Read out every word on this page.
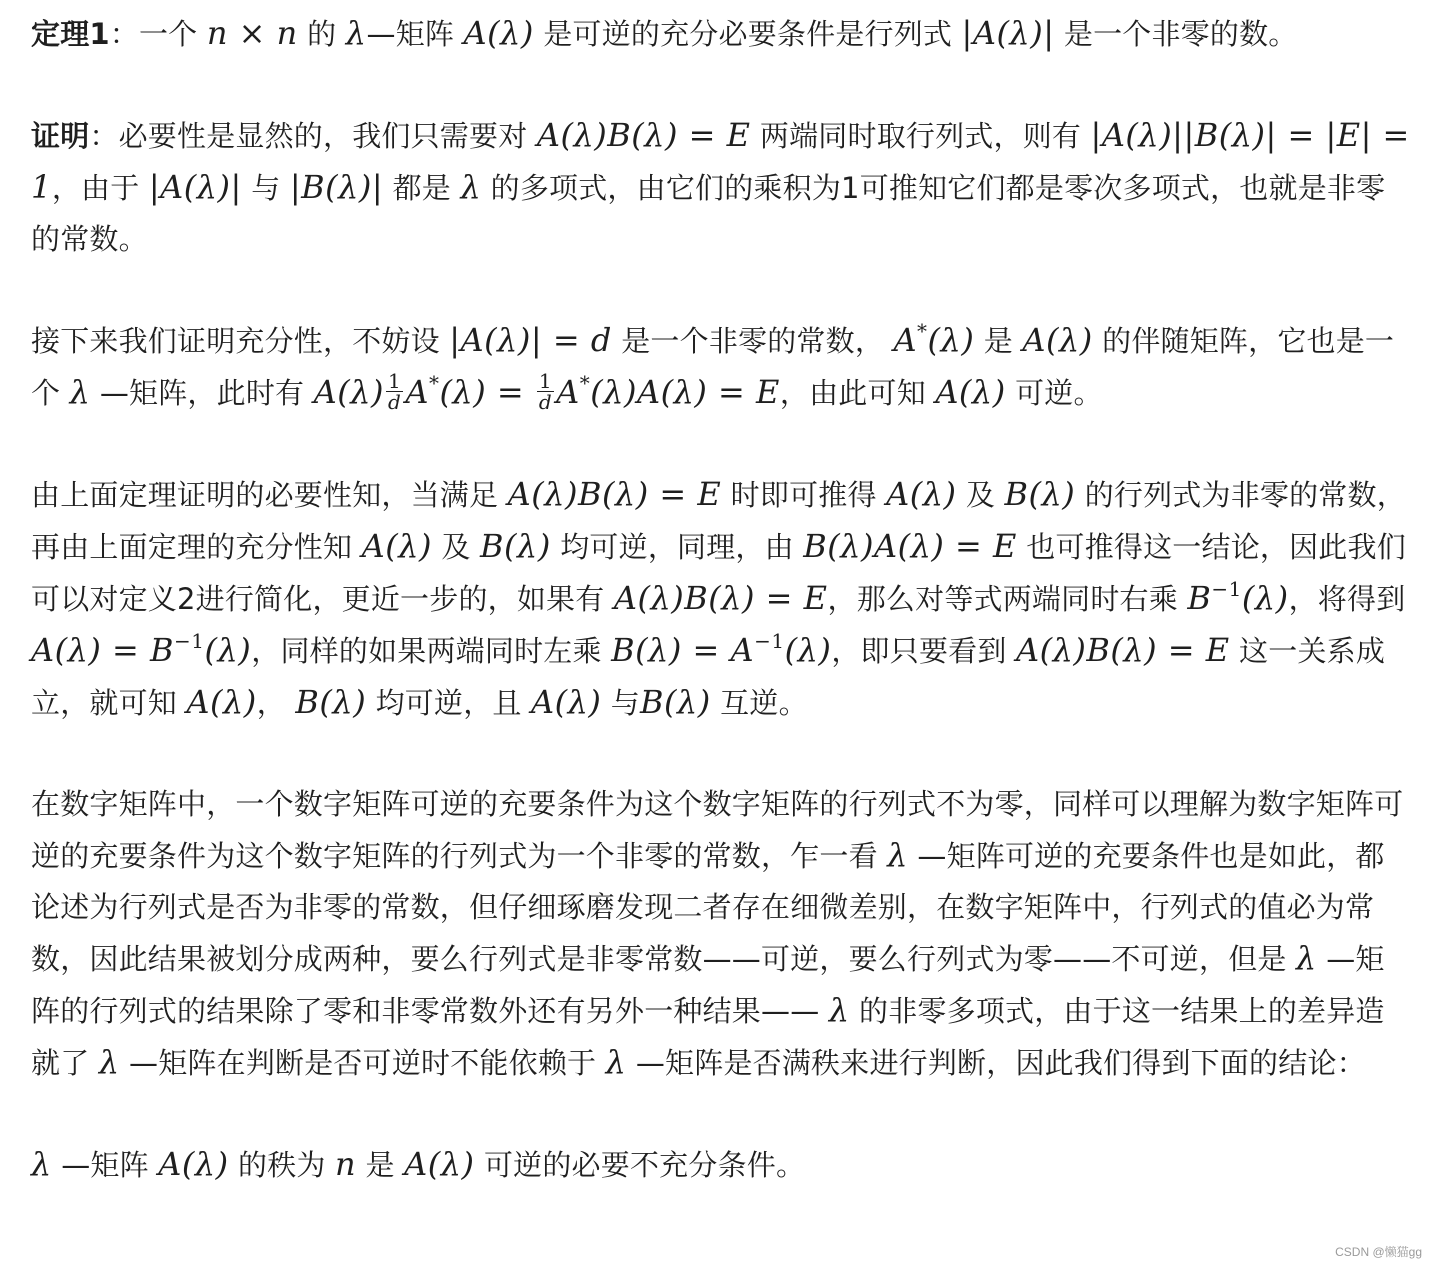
定理1：一个 n × n 的 λ—矩阵 A(λ) 是可逆的充分必要条件是行列式 |A(λ)| 是一个非零的数。

证明：必要性是显然的，我们只需要对 A(λ)B(λ) = E 两端同时取行列式，则有 |A(λ)||B(λ)| = |E| = 1，由于 |A(λ)| 与 |B(λ)| 都是 λ 的多项式，由它们的乘积为1可推知它们都是零次多项式，也就是非零的常数。

接下来我们证明充分性，不妨设 |A(λ)| = d 是一个非零的常数， A*(λ) 是 A(λ) 的伴随矩阵，它也是一个 λ —矩阵，此时有 $A(\lambda) \frac{1}{d} A^*(\lambda) = \frac{1}{d} A^*(\lambda)A(\lambda) = E$，由此可知 A(λ) 可逆。

由上面定理证明的必要性知，当满足 A(λ)B(λ) = E 时即可推得 A(λ) 及 B(λ) 的行列式为非零的常数，再由上面定理的充分性知 A(λ) 及 B(λ) 均可逆，同理，由 B(λ)A(λ) = E 也可推得这一结论，因此我们可以对定义2进行简化，更近一步的，如果有 A(λ)B(λ) = E，那么对等式两端同时右乘 $B^{-1}(\lambda)$，将得到 $A(\lambda) = B^{-1}(\lambda)$，同样的如果两端同时左乘 $B(\lambda) = A^{-1}(\lambda)$，即只要看到 A(λ)B(λ) = E 这一关系成立，就可知 A(λ)， B(λ) 均可逆，且 A(λ) 与B(λ) 互逆。

在数字矩阵中，一个数字矩阵可逆的充要条件为这个数字矩阵的行列式不为零，同样可以理解为数字矩阵可逆的充要条件为这个数字矩阵的行列式为一个非零的常数，乍一看 λ —矩阵可逆的充要条件也是如此，都论述为行列式是否为非零的常数，但仔细琢磨发现二者存在细微差别，在数字矩阵中，行列式的值必为常数，因此结果被划分成两种，要么行列式是非零常数——可逆，要么行列式为零——不可逆，但是 λ —矩阵的行列式的结果除了零和非零常数外还有另外一种结果—— λ 的非零多项式，由于这一结果上的差异造就了 λ —矩阵在判断是否可逆时不能依赖于 λ —矩阵是否满秩来进行判断，因此我们得到下面的结论：

λ —矩阵 A(λ) 的秩为 n 是 A(λ) 可逆的必要不充分条件。

CSDN @懒猫gg
